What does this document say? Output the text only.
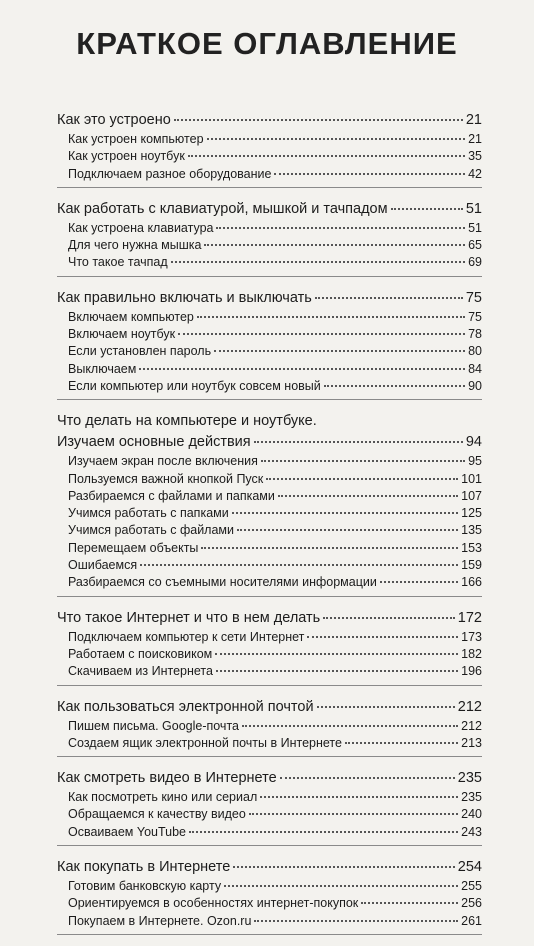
КРАТКОЕ ОГЛАВЛЕНИЕ
Как это устроено	21
Как устроен компьютер	21
Как устроен ноутбук	35
Подключаем разное оборудование	42
Как работать с клавиатурой, мышкой и тачпадом	51
Как устроена клавиатура	51
Для чего нужна мышка	65
Что такое тачпад	69
Как правильно включать и выключать	75
Включаем компьютер	75
Включаем ноутбук	78
Если установлен пароль	80
Выключаем	84
Если компьютер или ноутбук совсем новый	90
Что делать на компьютере и ноутбуке.
Изучаем основные действия	94
Изучаем экран после включения	95
Пользуемся важной кнопкой Пуск	101
Разбираемся с файлами и папками	107
Учимся работать с папками	125
Учимся работать с файлами	135
Перемещаем объекты	153
Ошибаемся	159
Разбираемся со съемными носителями информации	166
Что такое Интернет и что в нем делать	172
Подключаем компьютер к сети Интернет	173
Работаем с поисковиком	182
Скачиваем из Интернета	196
Как пользоваться электронной почтой	212
Пишем письма. Google-почта	212
Создаем ящик электронной почты в Интернете	213
Как смотреть видео в Интернете	235
Как посмотреть кино или сериал	235
Обращаемся к качеству видео	240
Осваиваем YouTube	243
Как покупать в Интернете	254
Готовим банковскую карту	255
Ориентируемся в особенностях интернет-покупок	256
Покупаем в Интернете. Ozon.ru	261
